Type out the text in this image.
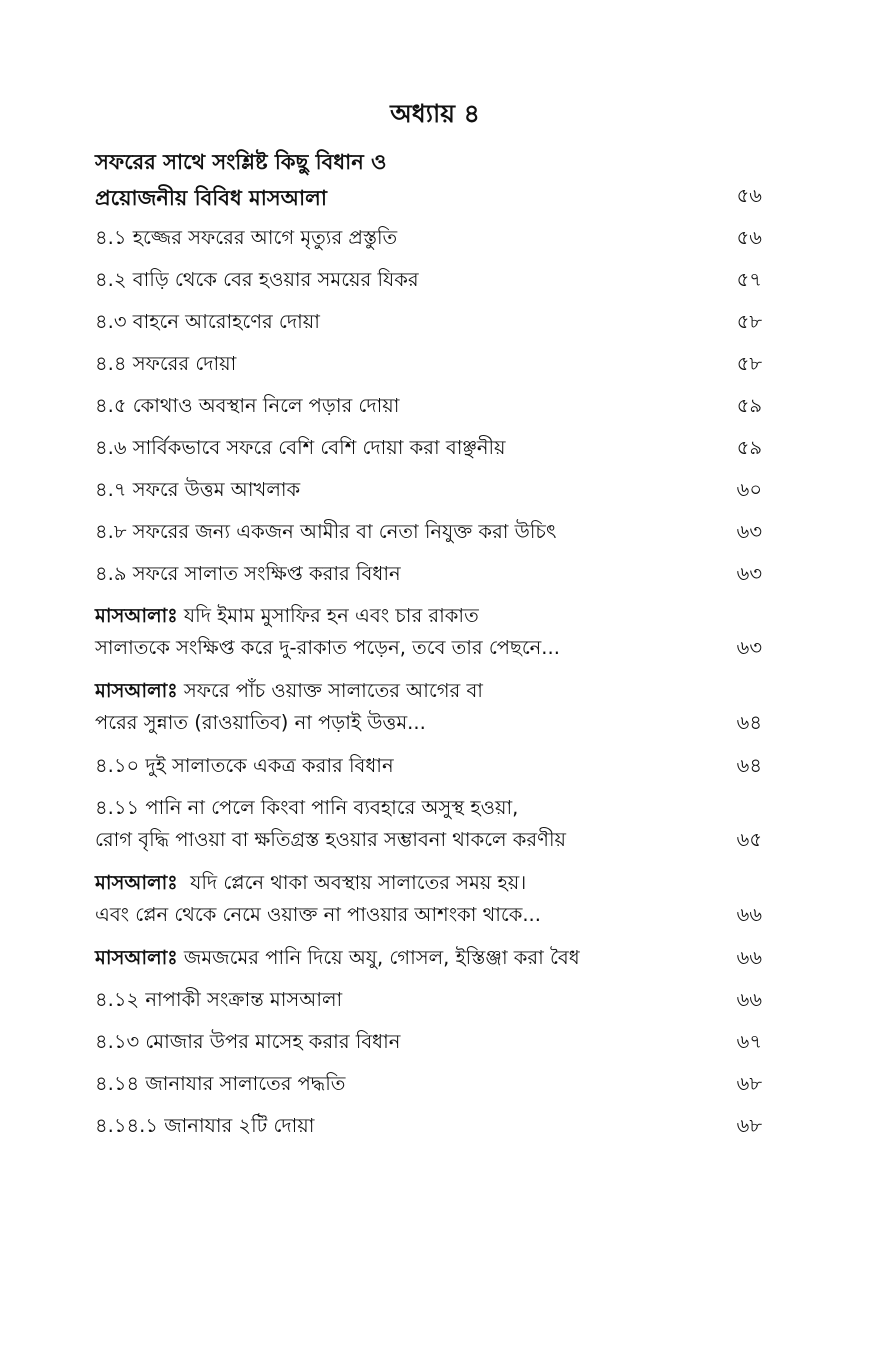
অধ্যায় ৪
সফরের সাথে সংশ্লিষ্ট কিছু বিধান ও
প্রয়োজনীয় বিবিধ মাসআলা	৫৬
৪.১ হজ্জের সফরের আগে মৃত্যুর প্রস্তুতি	৫৬
৪.২ বাড়ি থেকে বের হওয়ার সময়ের যিকর	৫৭
৪.৩ বাহনে আরোহণের দোয়া	৫৮
৪.৪ সফরের দোয়া	৫৮
৪.৫ কোথাও অবস্থান নিলে পড়ার দোয়া	৫৯
৪.৬ সার্বিকভাবে সফরে বেশি বেশি দোয়া করা বাঞ্ছনীয়	৫৯
৪.৭ সফরে উত্তম আখলাক	৬০
৪.৮ সফরের জন্য একজন আমীর বা নেতা নিযুক্ত করা উচিৎ	৬৩
৪.৯ সফরে সালাত সংক্ষিপ্ত করার বিধান	৬৩
মাসআলাঃ যদি ইমাম মুসাফির হন এবং চার রাকাত
সালাতকে সংক্ষিপ্ত করে দু-রাকাত পড়েন, তবে তার পেছনে...	৬৩
মাসআলাঃ সফরে পাঁচ ওয়াক্ত সালাতের আগের বা
পরের সুন্নাত (রাওয়াতিব) না পড়াই উত্তম...	৬৪
৪.১০ দুই সালাতকে একত্র করার বিধান	৬৪
৪.১১ পানি না পেলে কিংবা পানি ব্যবহারে অসুস্থ হওয়া,
রোগ বৃদ্ধি পাওয়া বা ক্ষতিগ্রস্ত হওয়ার সম্ভাবনা থাকলে করণীয়	৬৫
মাসআলাঃ  যদি প্লেনে থাকা অবস্থায় সালাতের সময় হয়।
এবং প্লেন থেকে নেমে ওয়াক্ত না পাওয়ার আশংকা থাকে...	৬৬
মাসআলাঃ জমজমের পানি দিয়ে অযু, গোসল, ইস্তিঞ্জা করা বৈধ	৬৬
৪.১২ নাপাকী সংক্রান্ত মাসআলা	৬৬
৪.১৩ মোজার উপর মাসেহ করার বিধান	৬৭
৪.১৪ জানাযার সালাতের পদ্ধতি	৬৮
৪.১৪.১ জানাযার ২টি দোয়া	৬৮
